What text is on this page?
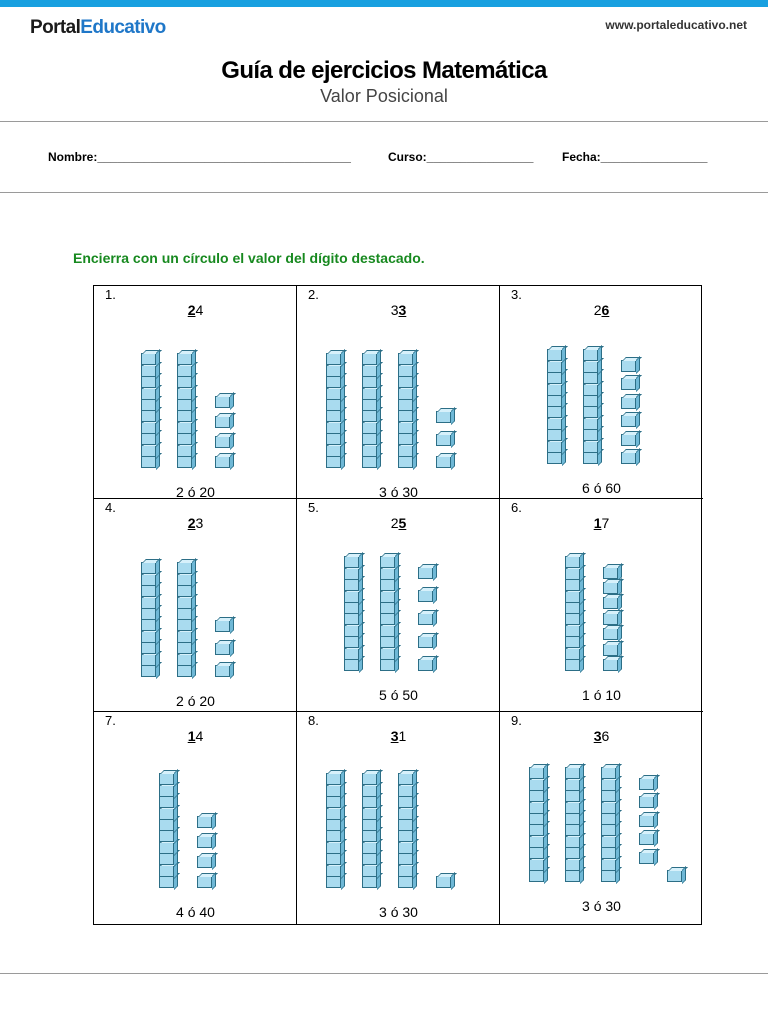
PortalEducativo	www.portaleducativo.net
Guía de ejercicios Matemática
Valor Posicional
Nombre:______________________________________	Curso:________________ Fecha:________________
Encierra con un círculo el valor del dígito destacado.
1.
24
2 ó 20
2.
33
3 ó 30
3.
26
6 ó 60
4.
23
2 ó 20
5.
25
5 ó 50
6.
17
1 ó 10
7.
14
4 ó 40
8.
31
3 ó 30
9.
36
3 ó 30
